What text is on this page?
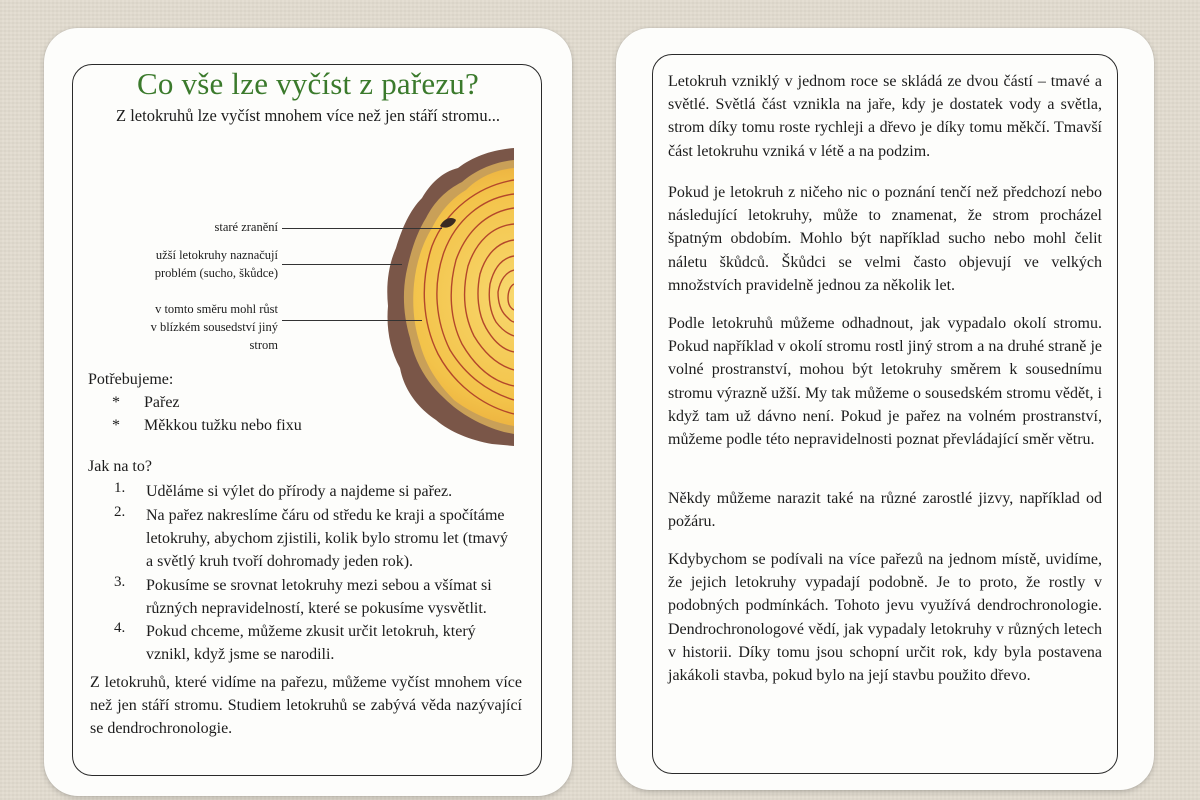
Co vše lze vyčíst z pařezu?
Z letokruhů lze vyčíst mnohem více než jen stáří stromu...
staré zranění
užší letokruhy naznačují
problém (sucho, škůdce)
v tomto směru mohl růst
v blízkém sousedství jiný
strom
Potřebujeme:
* Pařez
* Měkkou tužku nebo fixu
Jak na to?
1. Uděláme si výlet do přírody a najdeme si pařez.
2. Na pařez nakreslíme čáru od středu ke kraji a spočítáme letokruhy, abychom zjistili, kolik bylo stromu let (tmavý a světlý kruh tvoří dohromady jeden rok).
3. Pokusíme se srovnat letokruhy mezi sebou a všímat si různých nepravidelností, které se pokusíme vysvětlit.
4. Pokud chceme, můžeme zkusit určit letokruh, který vznikl, když jsme se narodili.
Z letokruhů, které vidíme na pařezu, můžeme vyčíst mnohem více než jen stáří stromu. Studiem letokruhů se zabývá věda nazývající se dendrochronologie.
Letokruh vzniklý v jednom roce se skládá ze dvou částí – tmavé a světlé. Světlá část vznikla na jaře, kdy je dostatek vody a světla, strom díky tomu roste rychleji a dřevo je díky tomu měkčí. Tmavší část letokruhu vzniká v létě a na podzim.
Pokud je letokruh z ničeho nic o poznání tenčí než předchozí nebo následující letokruhy, může to znamenat, že strom procházel špatným obdobím. Mohlo být například sucho nebo mohl čelit náletu škůdců. Škůdci se velmi často objevují ve velkých množstvích pravidelně jednou za několik let.
Podle letokruhů můžeme odhadnout, jak vypadalo okolí stromu. Pokud například v okolí stromu rostl jiný strom a na druhé straně je volné prostranství, mohou být letokruhy směrem k sousednímu stromu výrazně užší. My tak můžeme o sousedském stromu vědět, i když tam už dávno není. Pokud je pařez na volném prostranství, můžeme podle této nepravidelnosti poznat převládající směr větru.
Někdy můžeme narazit také na různé zarostlé jizvy, například od požáru.
Kdybychom se podívali na více pařezů na jednom místě, uvidíme, že jejich letokruhy vypadají podobně. Je to proto, že rostly v podobných podmínkách. Tohoto jevu využívá dendrochronologie. Dendrochronologové vědí, jak vypadaly letokruhy v různých letech v historii. Díky tomu jsou schopní určit rok, kdy byla postavena jakákoli stavba, pokud bylo na její stavbu použito dřevo.
